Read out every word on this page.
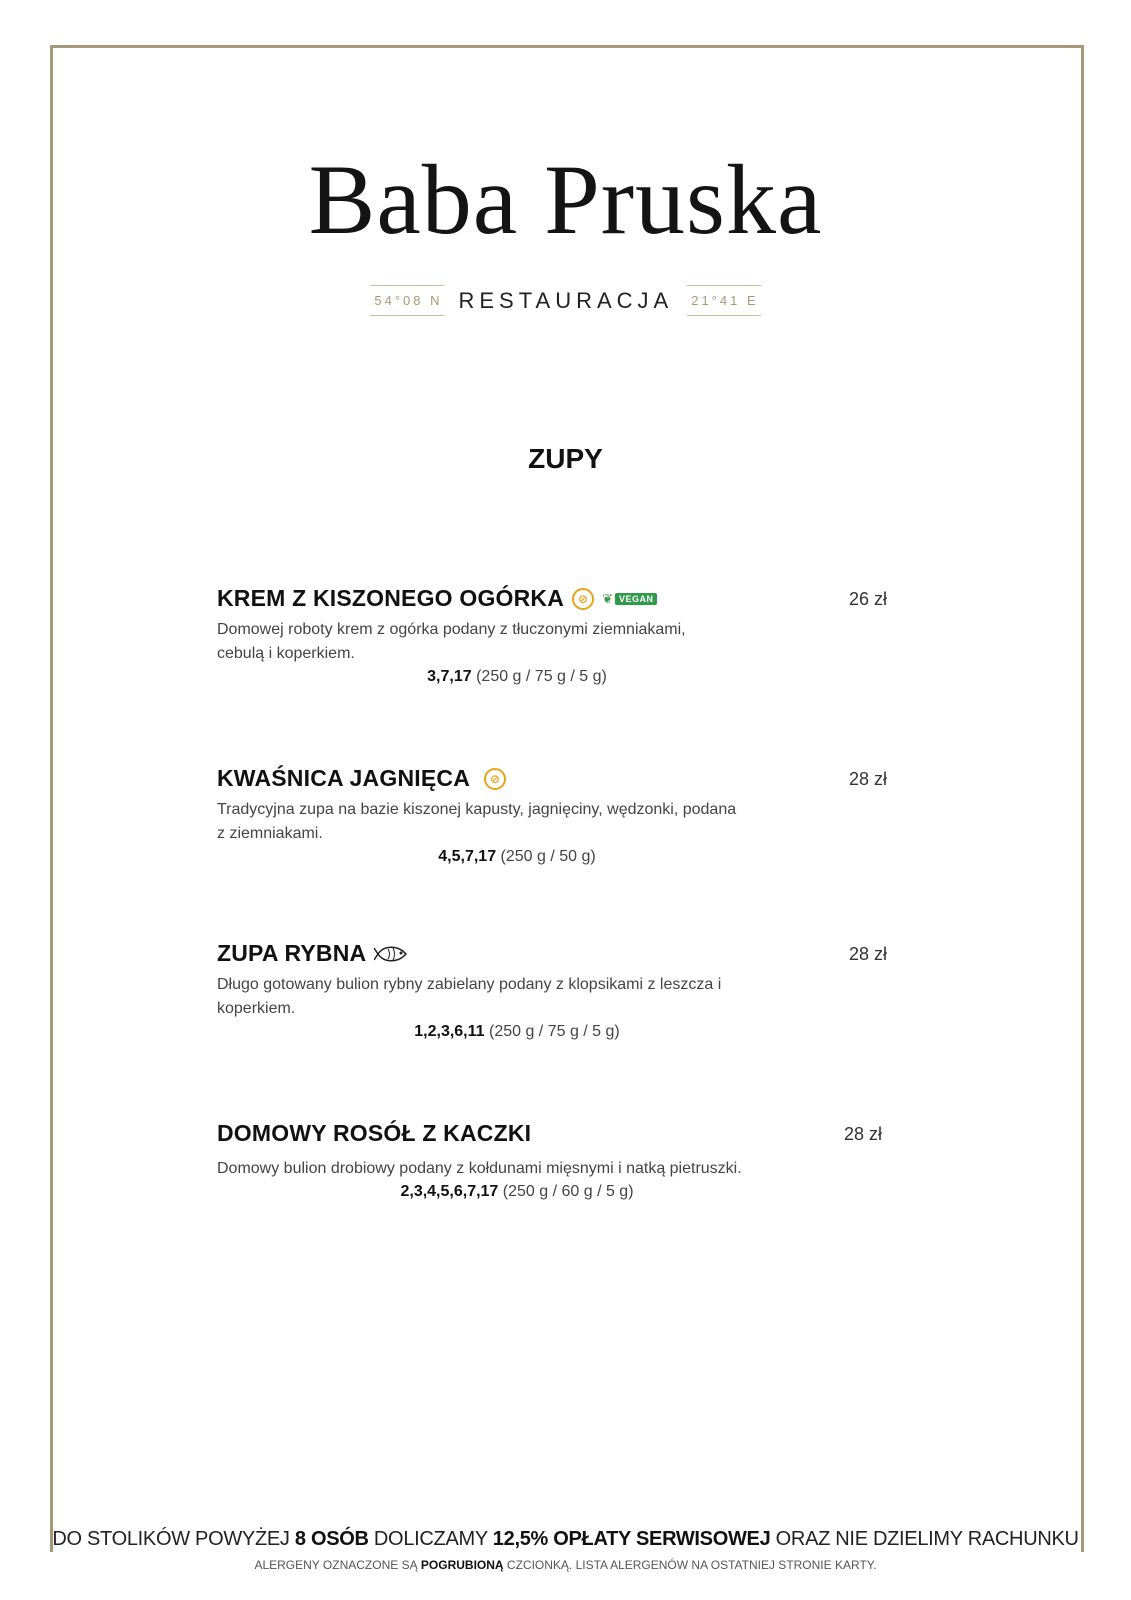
Baba Pruska
54°08 N RESTAURACJA	21°41 E
ZUPY
KREM Z KISZONEGO OGÓRKA	⊘	❦ VEGAN	26 zł
Domowej roboty krem z ogórka podany z tłuczonymi ziemniakami, cebulą i koperkiem.
3,7,17 (250 g / 75 g / 5 g)
KWAŚNICA JAGNIĘCA	⊘	28 zł
Tradycyjna zupa na bazie kiszonej kapusty, jagnięciny, wędzonki, podana z ziemniakami.
4,5,7,17 (250 g / 50 g)
ZUPA RYBNA	28 zł
Długo gotowany bulion rybny zabielany podany z klopsikami z leszcza i koperkiem.
1,2,3,6,11 (250 g / 75 g / 5 g)
DOMOWY ROSÓŁ Z KACZKI	28 zł
Domowy bulion drobiowy podany z kołdunami mięsnymi i natką pietruszki.
2,3,4,5,6,7,17 (250 g / 60 g / 5 g)
DO STOLIKÓW POWYŻEJ 8 OSÓB DOLICZAMY 12,5% OPŁATY SERWISOWEJ ORAZ NIE DZIELIMY RACHUNKU
ALERGENY OZNACZONE SĄ POGRUBIONĄ CZCIONKĄ. LISTA ALERGENÓW NA OSTATNIEJ STRONIE KARTY.
